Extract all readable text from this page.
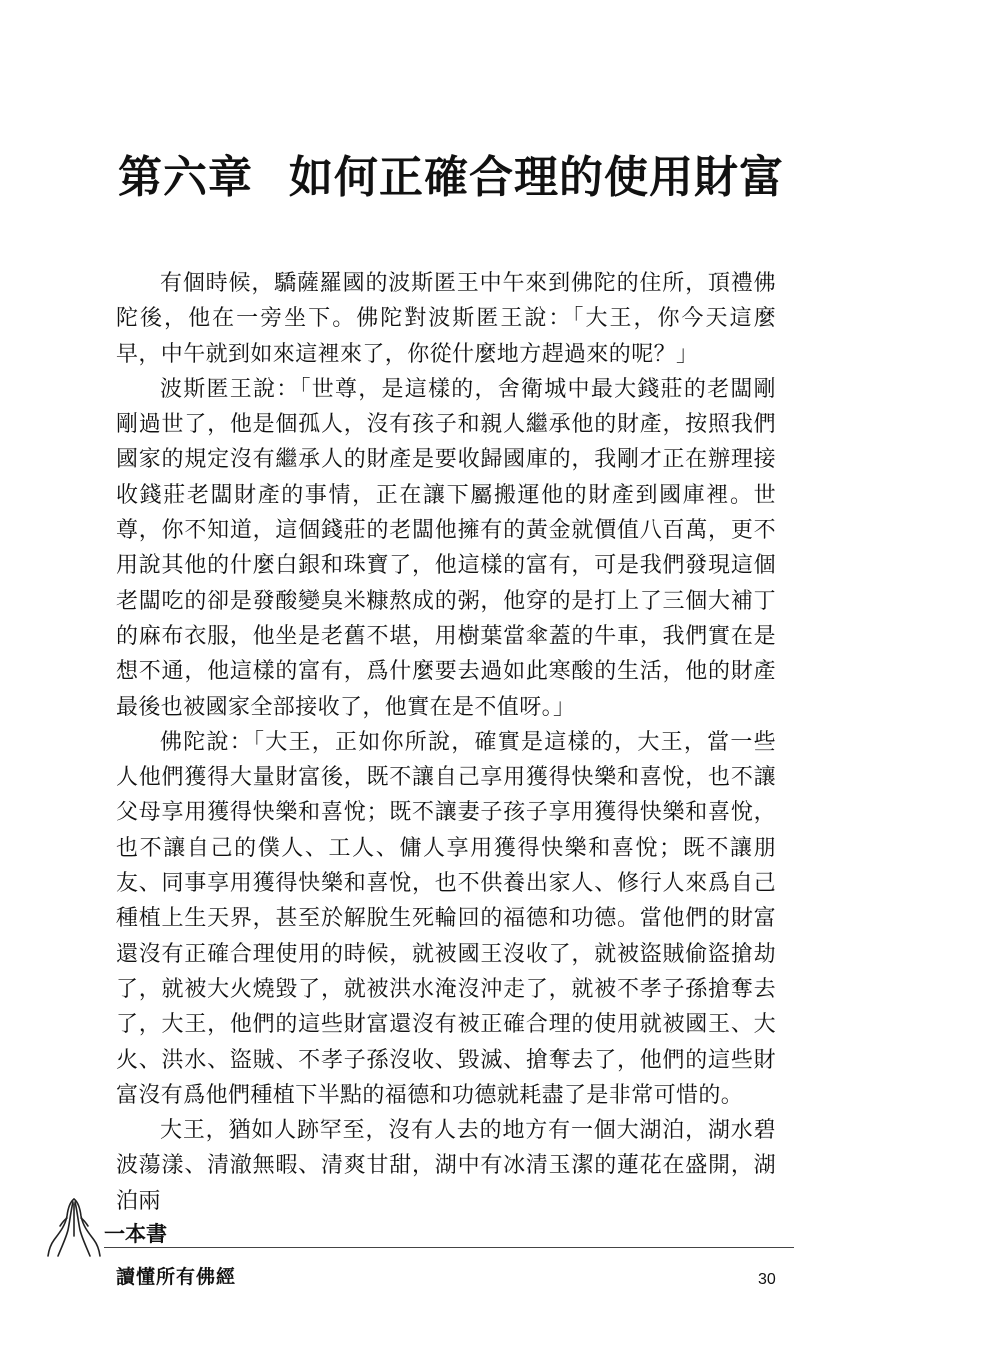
第六章 如何正確合理的使用財富

有個時候，驕薩羅國的波斯匿王中午來到佛陀的住所，頂禮佛陀後，他在一旁坐下。佛陀對波斯匿王說：「大王，你今天這麼早，中午就到如來這裡來了，你從什麼地方趕過來的呢？」

波斯匿王說：「世尊，是這樣的，舍衛城中最大錢莊的老闆剛剛過世了，他是個孤人，沒有孩子和親人繼承他的財產，按照我們國家的規定沒有繼承人的財產是要收歸國庫的，我剛才正在辦理接收錢莊老闆財產的事情，正在讓下屬搬運他的財產到國庫裡。世尊，你不知道，這個錢莊的老闆他擁有的黃金就價值八百萬，更不用說其他的什麼白銀和珠寶了，他這樣的富有，可是我們發現這個老闆吃的卻是發酸變臭米糠熬成的粥，他穿的是打上了三個大補丁的麻布衣服，他坐是老舊不堪，用樹葉當傘蓋的牛車，我們實在是想不通，他這樣的富有，爲什麼要去過如此寒酸的生活，他的財產最後也被國家全部接收了，他實在是不值呀。」

佛陀說：「大王，正如你所說，確實是這樣的，大王，當一些人他們獲得大量財富後，既不讓自己享用獲得快樂和喜悅，也不讓父母享用獲得快樂和喜悅；既不讓妻子孩子享用獲得快樂和喜悅，也不讓自己的僕人、工人、傭人享用獲得快樂和喜悅；既不讓朋友、同事享用獲得快樂和喜悅，也不供養出家人、修行人來爲自己種植上生天界，甚至於解脫生死輪回的福德和功德。當他們的財富還沒有正確合理使用的時候，就被國王沒收了，就被盜賊偷盜搶劫了，就被大火燒毀了，就被洪水淹沒沖走了，就被不孝子孫搶奪去了，大王，他們的這些財富還沒有被正確合理的使用就被國王、大火、洪水、盜賊、不孝子孫沒收、毀滅、搶奪去了，他們的這些財富沒有爲他們種植下半點的福德和功德就耗盡了是非常可惜的。

大王，猶如人跡罕至，沒有人去的地方有一個大湖泊，湖水碧波蕩漾、清澈無暇、清爽甘甜，湖中有冰清玉潔的蓮花在盛開，湖泊兩

一本書
讀懂所有佛經	30
